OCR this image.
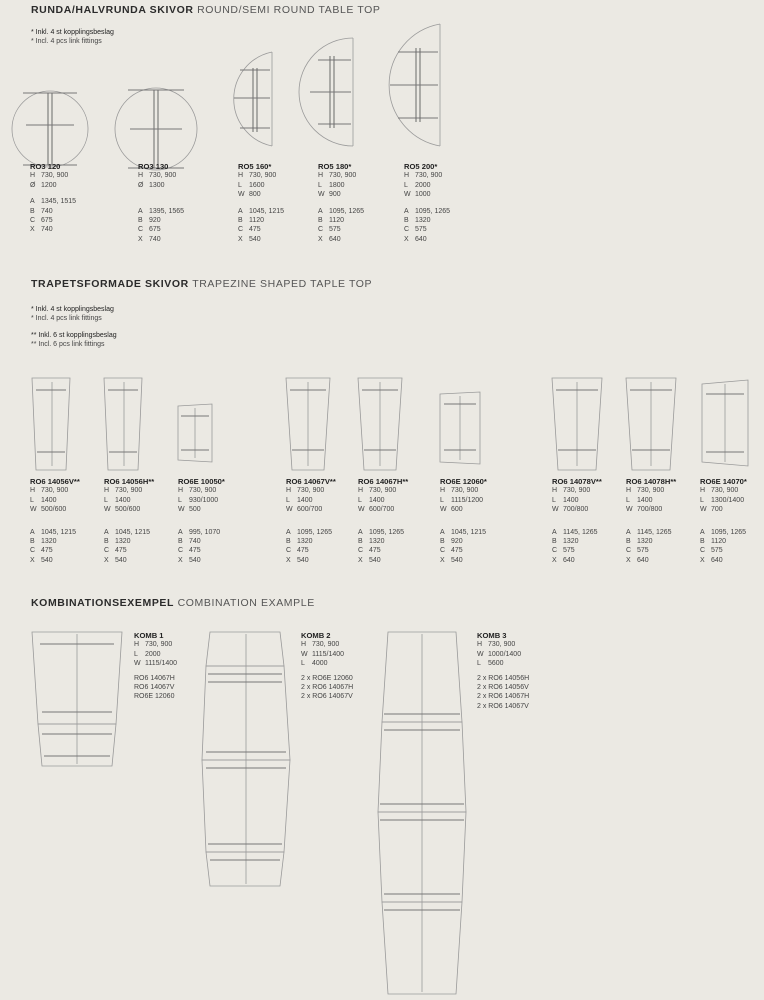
RUNDA/HALVRUNDA SKIVOR ROUND/SEMI ROUND TABLE TOP
* Inkl. 4 st kopplingsbeslag
* Incl. 4 pcs link fittings
RO3 120
H 730, 900
Ø 1200
A 1345, 1515
B 740
C 675
X 740
RO3 130
H 730, 900
Ø 1300
A 1395, 1565
B 920
C 675
X 740
RO5 160*
H 730, 900
L	1600
W 800
A 1045, 1215
B 1120
C 475
X 540
RO5 180*
H 730, 900
L	1800
W 900
A 1095, 1265
B 1120
C 575
X 640
RO5 200*
H 730, 900
L	2000
W 1000
A 1095, 1265
B 1320
C 575
X 640
TRAPETSFORMADE SKIVOR TRAPEZINE SHAPED TAPLE TOP
* Inkl. 4 st kopplingsbeslag
* Incl. 4 pcs link fittings
** Inkl. 6 st kopplingsbeslag
** Incl. 6 pcs link fittings
RO6 14056V**
H 730, 900
L	1400
W 500/600
A 1045, 1215
B 1320
C 475
X 540
RO6 14056H**
H 730, 900
L	1400
W 500/600
A 1045, 1215
B 1320
C 475
X 540
RO6E 10050*
H 730, 900
L	930/1000
W 500
A 995, 1070
B 740
C 475
X 540
RO6 14067V**
H 730, 900
L	1400
W 600/700
A 1095, 1265
B 1320
C 475
X 540
RO6 14067H**
H 730, 900
L	1400
W 600/700
A 1095, 1265
B 1320
C 475
X 540
RO6E 12060*
H 730, 900
L	1115/1200
W 600
A 1045, 1215
B 920
C 475
X 540
RO6 14078V**
H 730, 900
L	1400
W 700/800
A 1145, 1265
B 1320
C 575
X 640
RO6 14078H**
H 730, 900
L	1400
W 700/800
A 1145, 1265
B 1320
C 575
X 640
RO6E 14070*
H 730, 900
L	1300/1400
W 700
A 1095, 1265
B 1120
C 575
X 640
KOMBINATIONSEXEMPEL COMBINATION EXAMPLE
KOMB 1
H 730, 900
L	2000
W 1115/1400
RO6 14067H
RO6 14067V
RO6E 12060
KOMB 2
H 730, 900
W 1115/1400
L	4000
2 x RO6E 12060
2 x RO6 14067H
2 x RO6 14067V
KOMB 3
H 730, 900
W 1000/1400
L	5600
2 x RO6 14056H
2 x RO6 14056V
2 x RO6 14067H
2 x RO6 14067V
